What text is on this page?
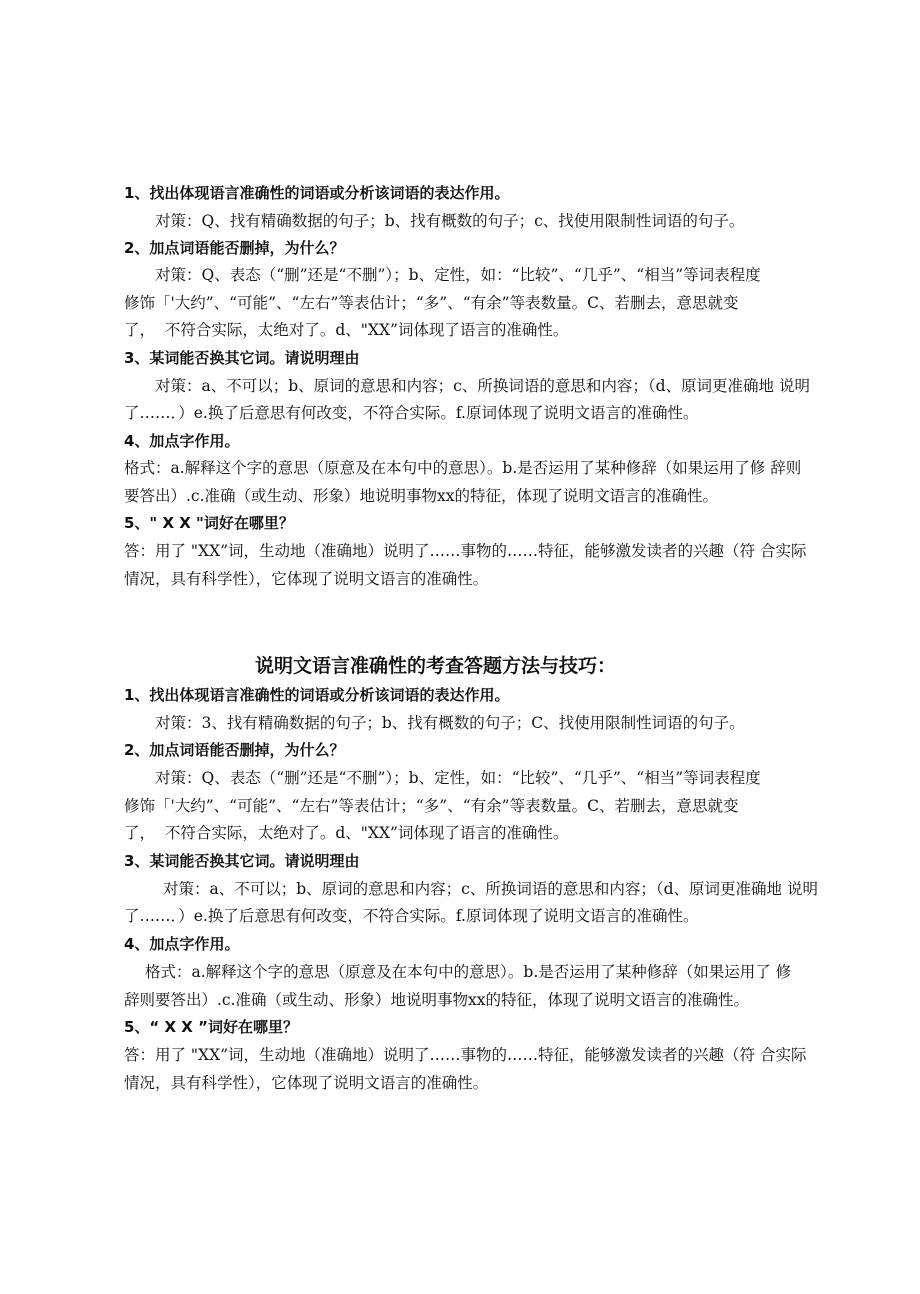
1、找出体现语言准确性的词语或分析该词语的表达作用。
对策：Q、找有精确数据的句子；b、找有概数的句子；c、找使用限制性词语的句子。
2、加点词语能否删掉，为什么？
对策：Q、表态（“删”还是“不删”）；b、定性，如：“比较”、“几乎”、“相当”等词表程度
修饰「'大约”、“可能”、“左右”等表估计；“多”、“有余”等表数量。C、若删去，意思就变
了，  不符合实际，太绝对了。d、"XX”词体现了语言的准确性。
3、某词能否换其它词。请说明理由
对策：a、不可以；b、原词的意思和内容；c、所换词语的意思和内容；（d、原词更准确地 说明
了……．）e.换了后意思有何改变，不符合实际。f.原词体现了说明文语言的准确性。
4、加点字作用。
格式：a.解释这个字的意思（原意及在本句中的意思）。b.是否运用了某种修辞（如果运用了修 辞则
要答出）.c.准确（或生动、形象）地说明事物xx的特征，体现了说明文语言的准确性。
5、" X X "词好在哪里？
答：用了 "XX”词，生动地（准确地）说明了……事物的……特征，能够激发读者的兴趣（符 合实际
情况，具有科学性），它体现了说明文语言的准确性。
说明文语言准确性的考查答题方法与技巧：
1、找出体现语言准确性的词语或分析该词语的表达作用。
对策：3、找有精确数据的句子；b、找有概数的句子；C、找使用限制性词语的句子。
2、加点词语能否删掉，为什么？
对策：Q、表态（“删”还是“不删”）；b、定性，如：“比较”、“几乎”、“相当”等词表程度
修饰「'大约”、“可能”、“左右”等表估计；“多”、“有余”等表数量。C、若删去，意思就变
了，  不符合实际，太绝对了。d、"XX”词体现了语言的准确性。
3、某词能否换其它词。请说明理由
对策：a、不可以；b、原词的意思和内容；c、所换词语的意思和内容；（d、原词更准确地 说明
了……．）e.换了后意思有何改变，不符合实际。f.原词体现了说明文语言的准确性。
4、加点字作用。
格式：a.解释这个字的意思（原意及在本句中的意思）。b.是否运用了某种修辞（如果运用了 修
辞则要答出）.c.准确（或生动、形象）地说明事物xx的特征，体现了说明文语言的准确性。
5、“ X X ”词好在哪里？
答：用了 "XX”词，生动地（准确地）说明了……事物的……特征，能够激发读者的兴趣（符 合实际
情况，具有科学性），它体现了说明文语言的准确性。
